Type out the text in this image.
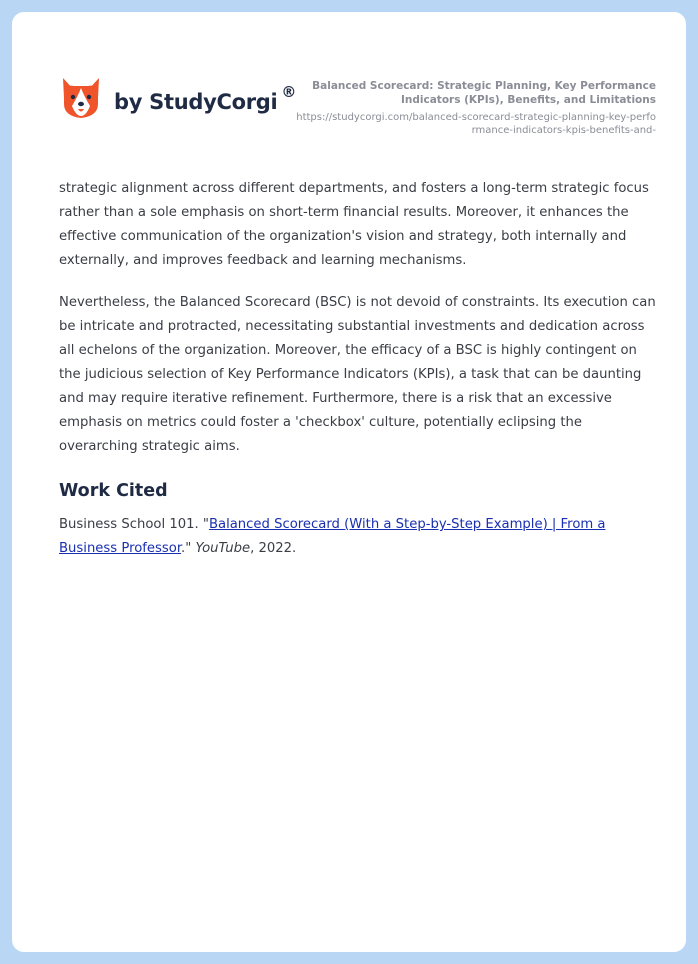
by StudyCorgi ®	Balanced Scorecard: Strategic Planning, Key Performance Indicators (KPIs), Benefits, and Limitations
https://studycorgi.com/balanced-scorecard-strategic-planning-key-performance-indicators-kpis-benefits-and-

strategic alignment across different departments, and fosters a long-term strategic focus rather than a sole emphasis on short-term financial results. Moreover, it enhances the effective communication of the organization's vision and strategy, both internally and externally, and improves feedback and learning mechanisms.

Nevertheless, the Balanced Scorecard (BSC) is not devoid of constraints. Its execution can be intricate and protracted, necessitating substantial investments and dedication across all echelons of the organization. Moreover, the efficacy of a BSC is highly contingent on the judicious selection of Key Performance Indicators (KPIs), a task that can be daunting and may require iterative refinement. Furthermore, there is a risk that an excessive emphasis on metrics could foster a 'checkbox' culture, potentially eclipsing the overarching strategic aims.

Work Cited

Business School 101. "Balanced Scorecard (With a Step-by-Step Example) | From a Business Professor." YouTube, 2022.
